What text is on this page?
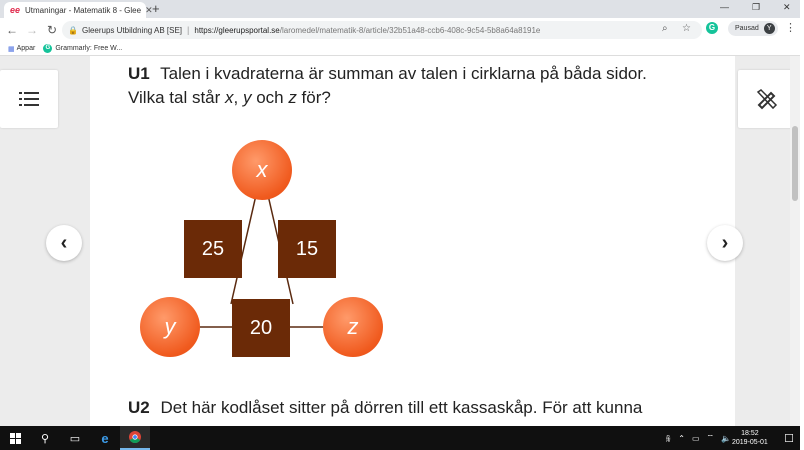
ee Utmaningar - Matematik 8 - Glee ✕ +	—	❐	✕
← → ↻	🔒 Gleerups Utbildning AB [SE] | https://gleerupsportal.se/laromedel/matematik-8/article/32b51a48-ccb6-408c-9c54-5b8a64a8191e	⌕ ☆	G	Pausad	Y ⋮
▦ Appar	G Grammarly: Free W...
U1 Talen i kvadraterna är summan av talen i cirklarna på båda sidor.
Vilka tal står x, y och z för?
x
25	15
y	20	z
U2 Det här kodlåset sitter på dörren till ett kassaskåp. För att kunna
‹	›
⚲ ▭ e	ꆜ ⌃ ▭ ⌔ 🔈	18:52
2019-05-01 ☐
